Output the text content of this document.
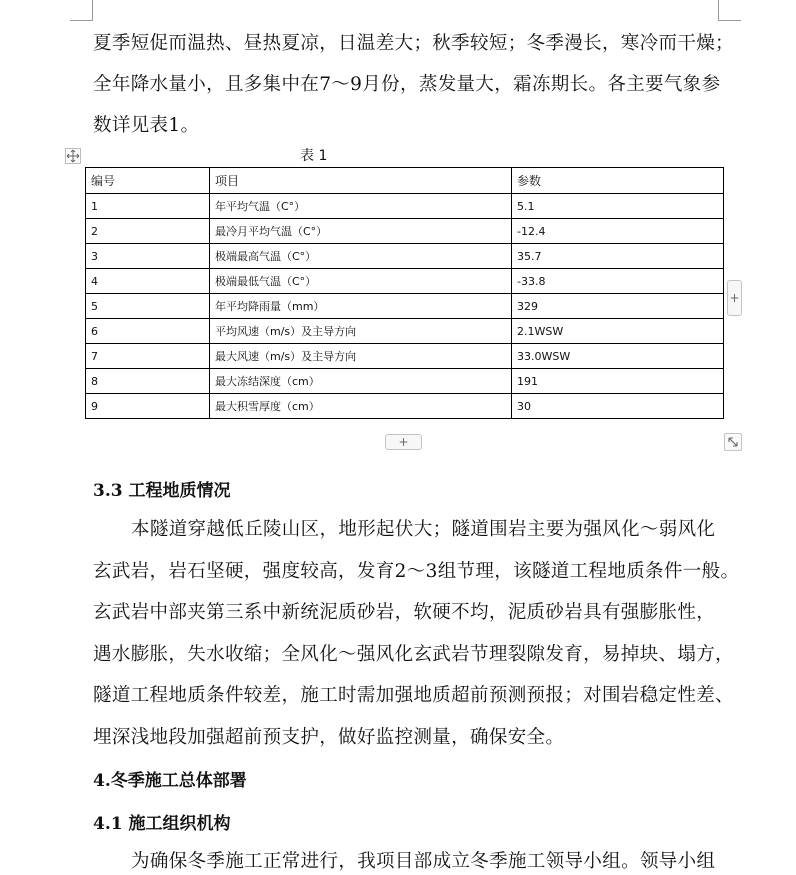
夏季短促而温热、昼热夏凉，日温差大；秋季较短；冬季漫长，寒冷而干燥；
全年降水量小，且多集中在7～9月份，蒸发量大，霜冻期长。各主要气象参
数详见表1。
表 1
编号	项目	参数
1	年平均气温（C°）	5.1
2	最冷月平均气温（C°）	-12.4
3	极端最高气温（C°）	35.7
4	极端最低气温（C°）	-33.8
5	年平均降雨量（mm）	329
6	平均风速（m/s）及主导方向	2.1WSW
7	最大风速（m/s）及主导方向	33.0WSW
8	最大冻结深度（cm）	191
9	最大积雪厚度（cm）	30
+
+
3.3 工程地质情况
本隧道穿越低丘陵山区，地形起伏大；隧道围岩主要为强风化～弱风化
玄武岩，岩石坚硬，强度较高，发育2～3组节理，该隧道工程地质条件一般。
玄武岩中部夹第三系中新统泥质砂岩，软硬不均，泥质砂岩具有强膨胀性，
遇水膨胀，失水收缩；全风化～强风化玄武岩节理裂隙发育，易掉块、塌方，
隧道工程地质条件较差，施工时需加强地质超前预测预报；对围岩稳定性差、
埋深浅地段加强超前预支护，做好监控测量，确保安全。
4.冬季施工总体部署
4.1 施工组织机构
为确保冬季施工正常进行，我项目部成立冬季施工领导小组。领导小组
